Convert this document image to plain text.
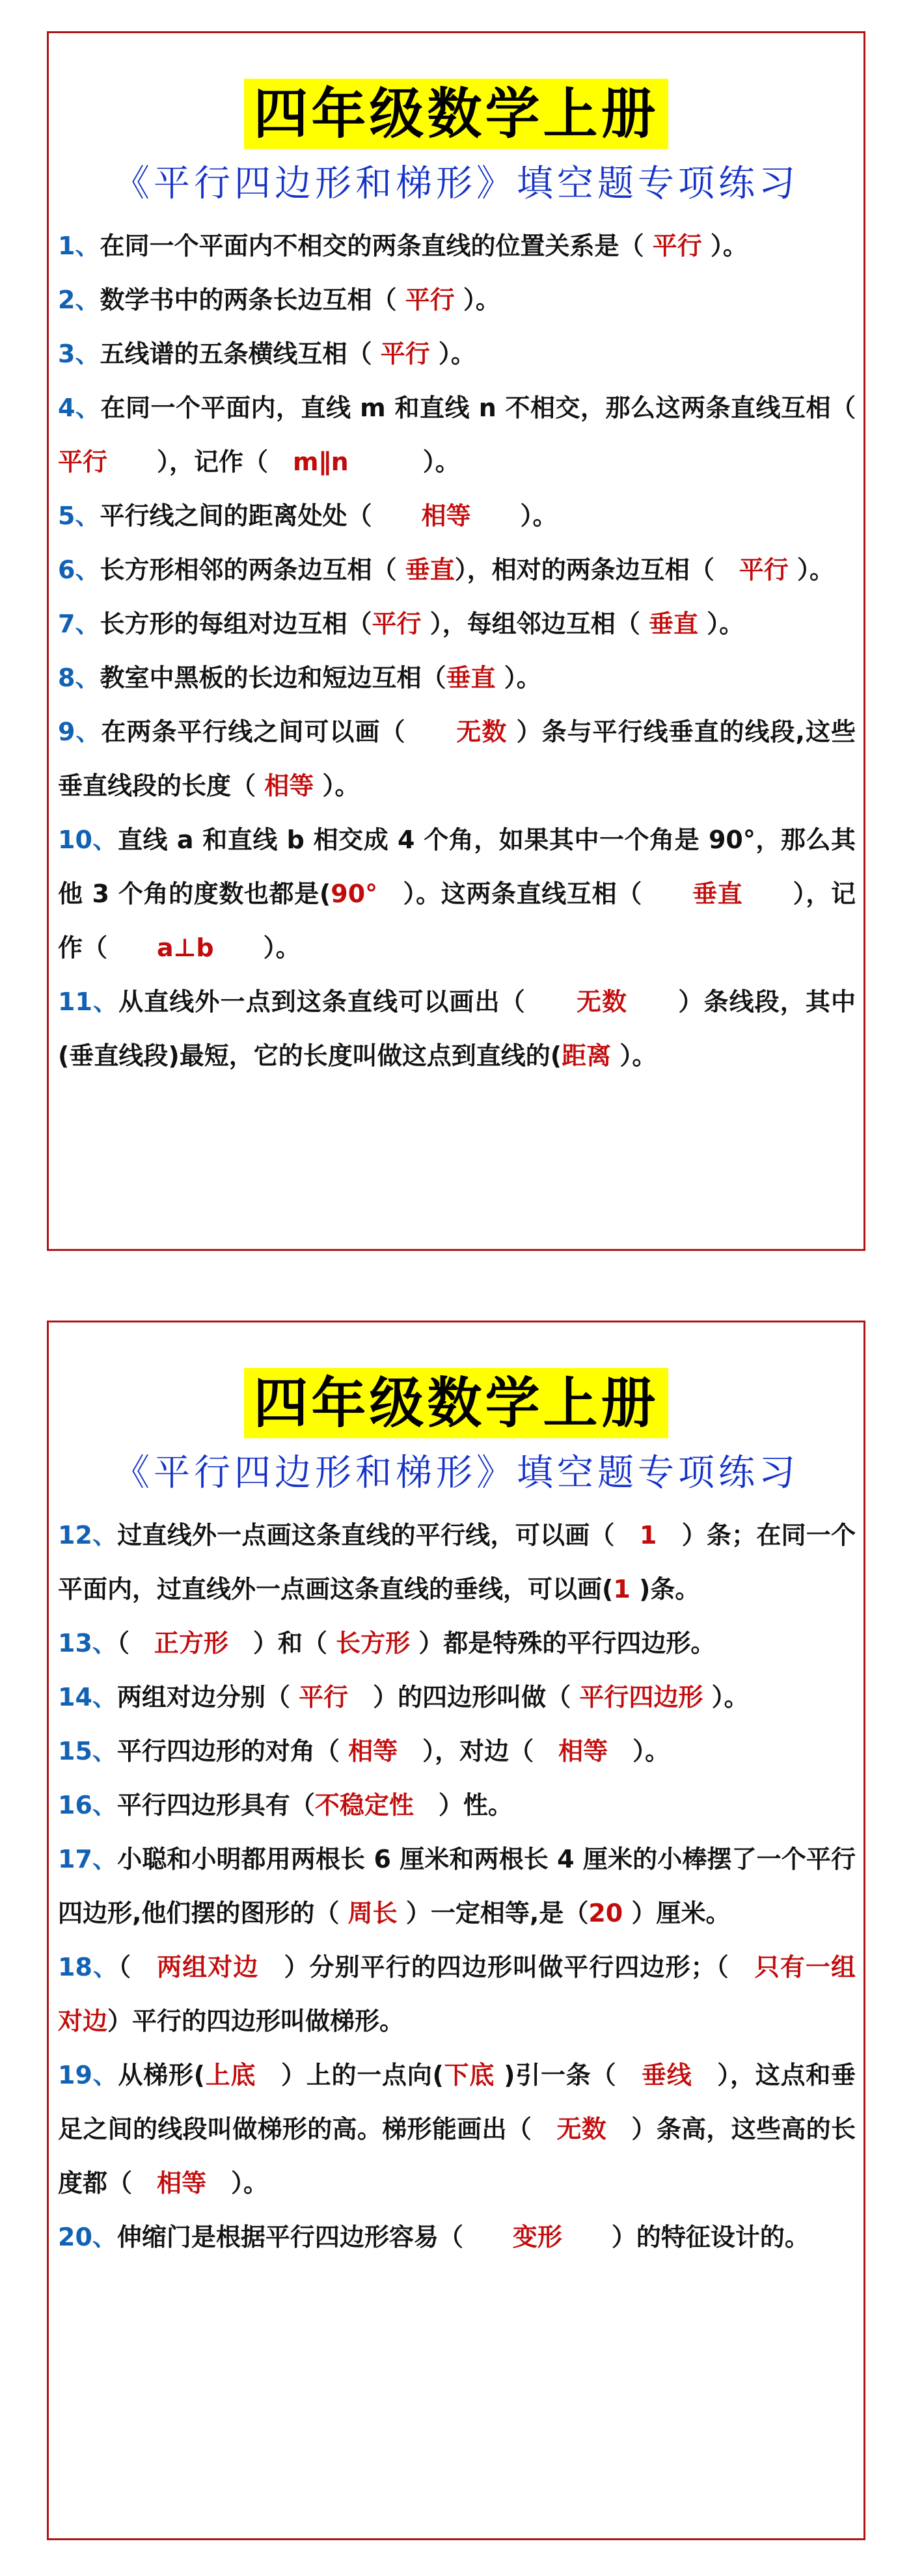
四年级数学上册
《平行四边形和梯形》填空题专项练习
1、在同一个平面内不相交的两条直线的位置关系是（ 平行 ）。
2、数学书中的两条长边互相（ 平行 ）。
3、五线谱的五条横线互相（ 平行 ）。
4、在同一个平面内，直线 m 和直线 n 不相交，那么这两条直线互相（　　平行　　），记作（　m∥n　　　）。
5、平行线之间的距离处处（　　相等　　）。
6、长方形相邻的两条边互相（ 垂直），相对的两条边互相（　平行 ）。
7、长方形的每组对边互相（平行 ），每组邻边互相（ 垂直 ）。
8、教室中黑板的长边和短边互相（垂直 ）。
9、在两条平行线之间可以画（　　无数 ）条与平行线垂直的线段,这些垂直线段的长度（ 相等 ）。
10、直线 a 和直线 b 相交成 4 个角，如果其中一个角是 90°，那么其他 3 个角的度数也都是(90°　）。这两条直线互相（　　垂直　　），记作（　　a⊥b　　）。
11、从直线外一点到这条直线可以画出（　　无数　　）条线段，其中(垂直线段)最短，它的长度叫做这点到直线的(距离 ）。
四年级数学上册
《平行四边形和梯形》填空题专项练习
12、过直线外一点画这条直线的平行线，可以画（　1　）条；在同一个平面内，过直线外一点画这条直线的垂线，可以画(1 )条。
13、（　正方形　）和（ 长方形 ）都是特殊的平行四边形。
14、两组对边分别（ 平行　）的四边形叫做（ 平行四边形 ）。
15、平行四边形的对角（ 相等　），对边（　相等　）。
16、平行四边形具有（不稳定性　）性。
17、小聪和小明都用两根长 6 厘米和两根长 4 厘米的小棒摆了一个平行四边形,他们摆的图形的（ 周长 ）一定相等,是（20 ）厘米。
18、（　两组对边　）分别平行的四边形叫做平行四边形；（　只有一组对边）平行的四边形叫做梯形。
19、从梯形(上底　）上的一点向(下底 )引一条（　垂线　），这点和垂足之间的线段叫做梯形的高。梯形能画出（　无数　）条高，这些高的长度都（　相等　）。
20、伸缩门是根据平行四边形容易（　　变形　　）的特征设计的。
